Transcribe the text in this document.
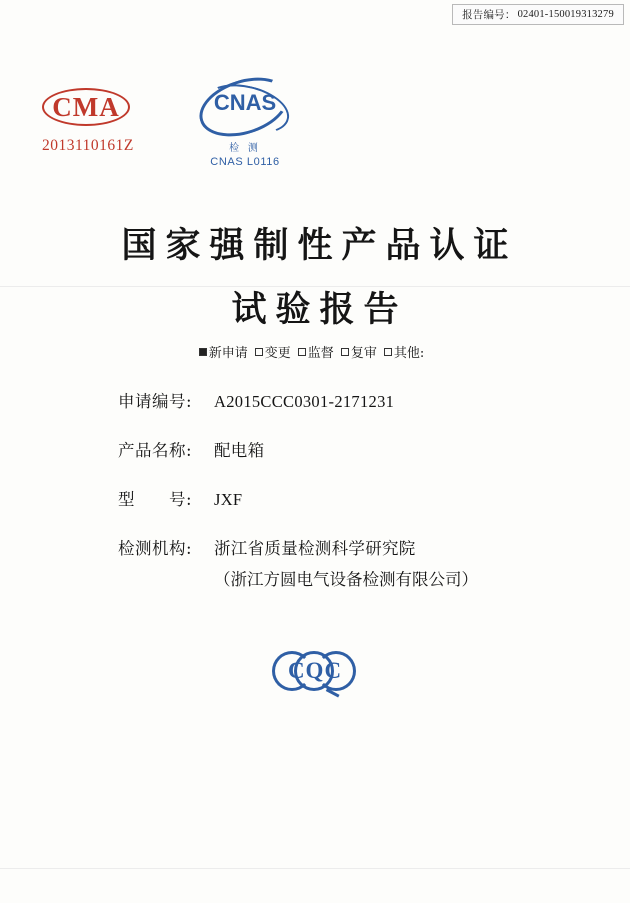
报告编号： 02401-150019313279
CMA
2013110161Z
CNAS
检 测
CNAS L0116
国家强制性产品认证
试验报告
新申请 变更 监督 复审 其他:
申请编号:	A2015CCC0301-2171231
产品名称:	配电箱
型　　号:	JXF
检测机构:	浙江省质量检测科学研究院
（浙江方圆电气设备检测有限公司）
CQC
